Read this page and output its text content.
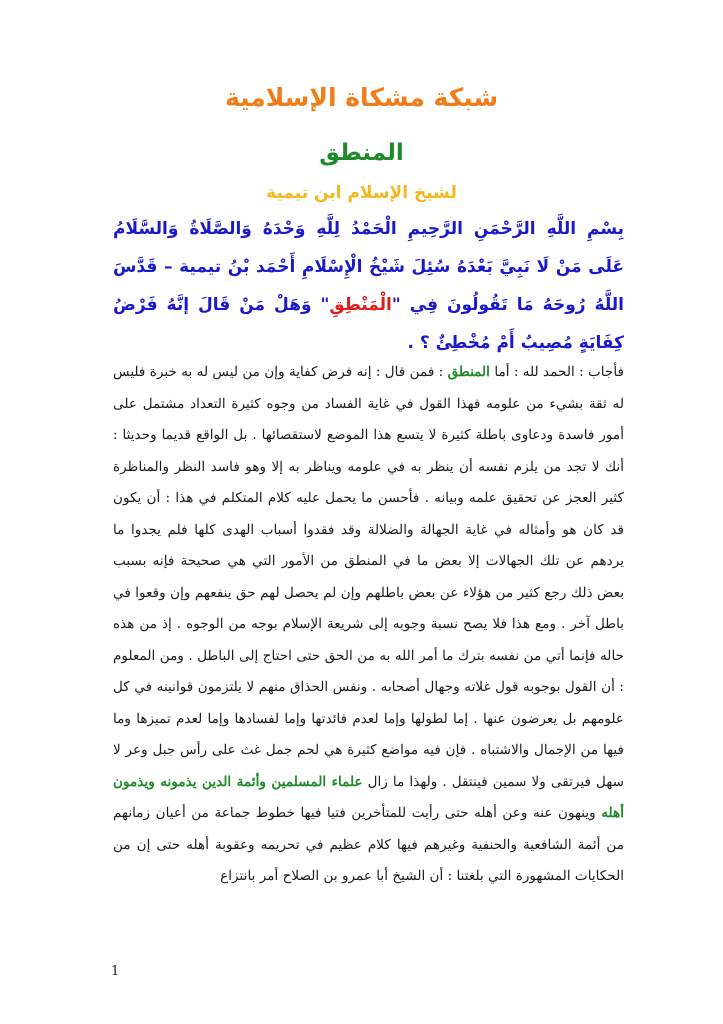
شبكة مشكاة الإسلامية
المنطق
لشيخ الإسلام ابن تيمية
بِسْمِ اللَّهِ الرَّحْمَنِ الرَّحِيمِ الْحَمْدُ لِلَّهِ وَحْدَهُ وَالصَّلَاةُ وَالسَّلَامُ عَلَى مَنْ لَا نَبِيَّ بَعْدَهُ سُئِلَ شَيْخُ الْإِسْلَامِ أَحْمَد بْنُ تيمية – قَدَّسَ اللَّهُ رُوحَهُ مَا تَقُولُونَ فِي "الْمَنْطِقِ" وَهَلْ مَنْ قَالَ إنَّهُ فَرْضُ كِفَايَةٍ مُصِيبٌ أَمْ مُخْطِئٌ ؟ .
فأجاب : الحمد لله : أما المنطق : فمن قال : إنه فرض كفاية وإن من ليس له به خبرة فليس له ثقة بشيء من علومه فهذا القول في غاية الفساد من وجوه كثيرة التعداد مشتمل على أمور فاسدة ودعاوى باطلة كثيرة لا يتسع هذا الموضع لاستقصائها . بل الواقع قديما وحديثا : أنك لا تجد من يلزم نفسه أن ينظر به في علومه ويناظر به إلا وهو فاسد النظر والمناظرة كثير العجز عن تحقيق علمه وبيانه . فأحسن ما يحمل عليه كلام المتكلم في هذا : أن يكون قد كان هو وأمثاله في غاية الجهالة والضلالة وقد فقدوا أسباب الهدى كلها فلم يجدوا ما يردهم عن تلك الجهالات إلا بعض ما في المنطق من الأمور التي هي صحيحة فإنه بسبب بعض ذلك رجع كثير من هؤلاء عن بعض باطلهم وإن لم يحصل لهم حق ينفعهم وإن وقعوا في باطل آخر . ومع هذا فلا يصح نسبة وجوبه إلى شريعة الإسلام بوجه من الوجوه . إذ من هذه حاله فإنما أتي من نفسه بترك ما أمر الله به من الحق حتى احتاج إلى الباطل . ومن المعلوم : أن القول بوجوبه قول غلاته وجهال أصحابه . ونفس الحذاق منهم لا يلتزمون قوانينه في كل علومهم بل يعرضون عنها . إما لطولها وإما لعدم فائدتها وإما لفسادها وإما لعدم تميزها وما فيها من الإجمال والاشتباه . فإن فيه مواضع كثيرة هي لحم جمل غث على رأس جبل وعر لا سهل فيرتقى ولا سمين فينتقل . ولهذا ما زال علماء المسلمين وأئمة الدين يذمونه ويذمون أهله وينهون عنه وعن أهله حتى رأيت للمتأخرين فتيا فيها خطوط جماعة من أعيان زمانهم من أئمة الشافعية والحنفية وغيرهم فيها كلام عظيم في تحريمه وعقوبة أهله حتى إن من الحكايات المشهورة التي بلغتنا : أن الشيخ أبا عمرو بن الصلاح أمر بانتزاع
1
